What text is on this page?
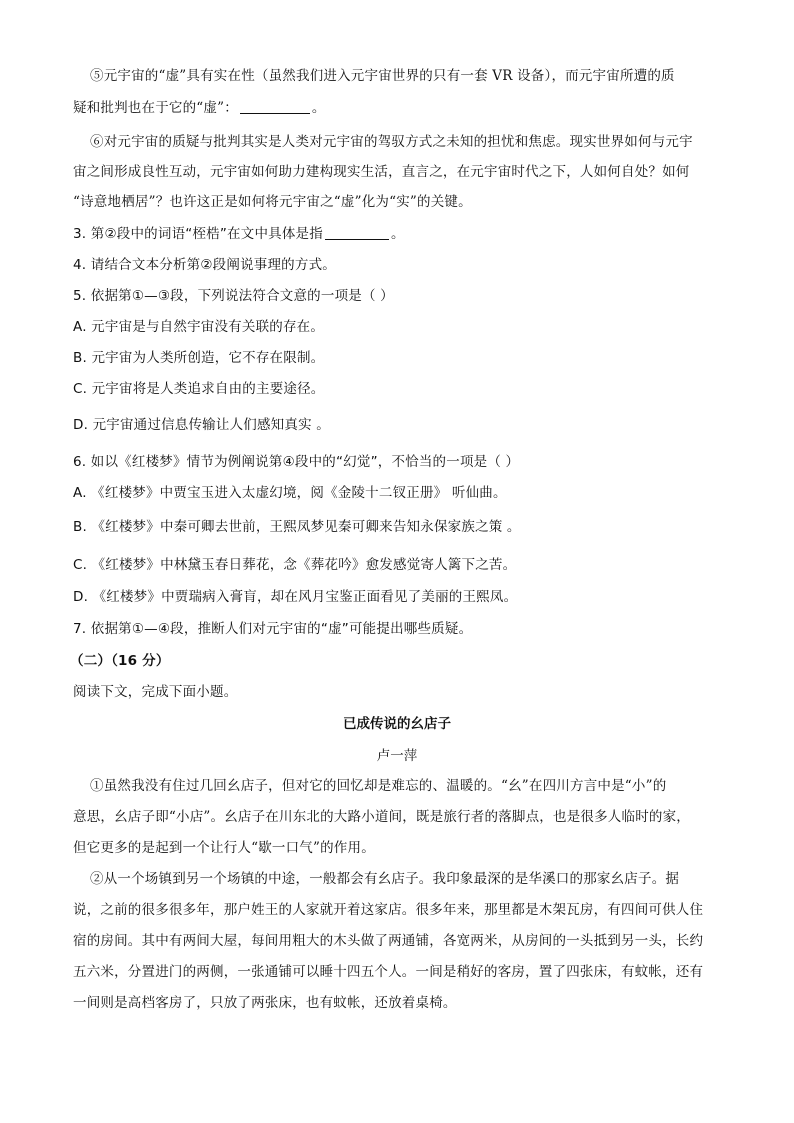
⑤元宇宙的“虚”具有实在性（虽然我们进入元宇宙世界的只有一套 VR 设备），而元宇宙所遭的质
疑和批判也在于它的“虚”：	。
⑥对元宇宙的质疑与批判其实是人类对元宇宙的驾驭方式之未知的担忧和焦虑。现实世界如何与元宇
宙之间形成良性互动，元宇宙如何助力建构现实生活，直言之，在元宇宙时代之下，人如何自处？如何
“诗意地栖居”？也许这正是如何将元宇宙之“虚”化为“实”的关键。
3. 第②段中的词语“桎梏”在文中具体是指	。
4. 请结合文本分析第②段阐说事理的方式。
5. 依据第①—③段，下列说法符合文意的一项是（ ）
A. 元宇宙是与自然宇宙没有关联的存在。
B. 元宇宙为人类所创造，它不存在限制。
C. 元宇宙将是人类追求自由的主要途径。
D. 元宇宙通过信息传输让人们感知真实 。
6. 如以《红楼梦》情节为例阐说第④段中的“幻觉”，不恰当的一项是（ ）
A. 《红楼梦》中贾宝玉进入太虚幻境，阅《金陵十二钗正册》 听仙曲。
B. 《红楼梦》中秦可卿去世前，王熙凤梦见秦可卿来告知永保家族之策 。
C. 《红楼梦》中林黛玉春日葬花，念《葬花吟》愈发感觉寄人篱下之苦。
D. 《红楼梦》中贾瑞病入膏肓，却在风月宝鉴正面看见了美丽的王熙凤。
7. 依据第①—④段，推断人们对元宇宙的“虚”可能提出哪些质疑。
（二）（16 分）
阅读下文，完成下面小题。
已成传说的幺店子
卢一萍
①虽然我没有住过几回幺店子，但对它的回忆却是难忘的、温暖的。“幺”在四川方言中是“小”的
意思，幺店子即“小店”。幺店子在川东北的大路小道间，既是旅行者的落脚点，也是很多人临时的家，
但它更多的是起到一个让行人“歇一口气”的作用。
②从一个场镇到另一个场镇的中途，一般都会有幺店子。我印象最深的是华溪口的那家幺店子。据
说，之前的很多很多年，那户姓王的人家就开着这家店。很多年来，那里都是木架瓦房，有四间可供人住
宿的房间。其中有两间大屋，每间用粗大的木头做了两通铺，各宽两米，从房间的一头抵到另一头，长约
五六米，分置进门的两侧，一张通铺可以睡十四五个人。一间是稍好的客房，置了四张床，有蚊帐，还有
一间则是高档客房了，只放了两张床，也有蚊帐，还放着桌椅。
